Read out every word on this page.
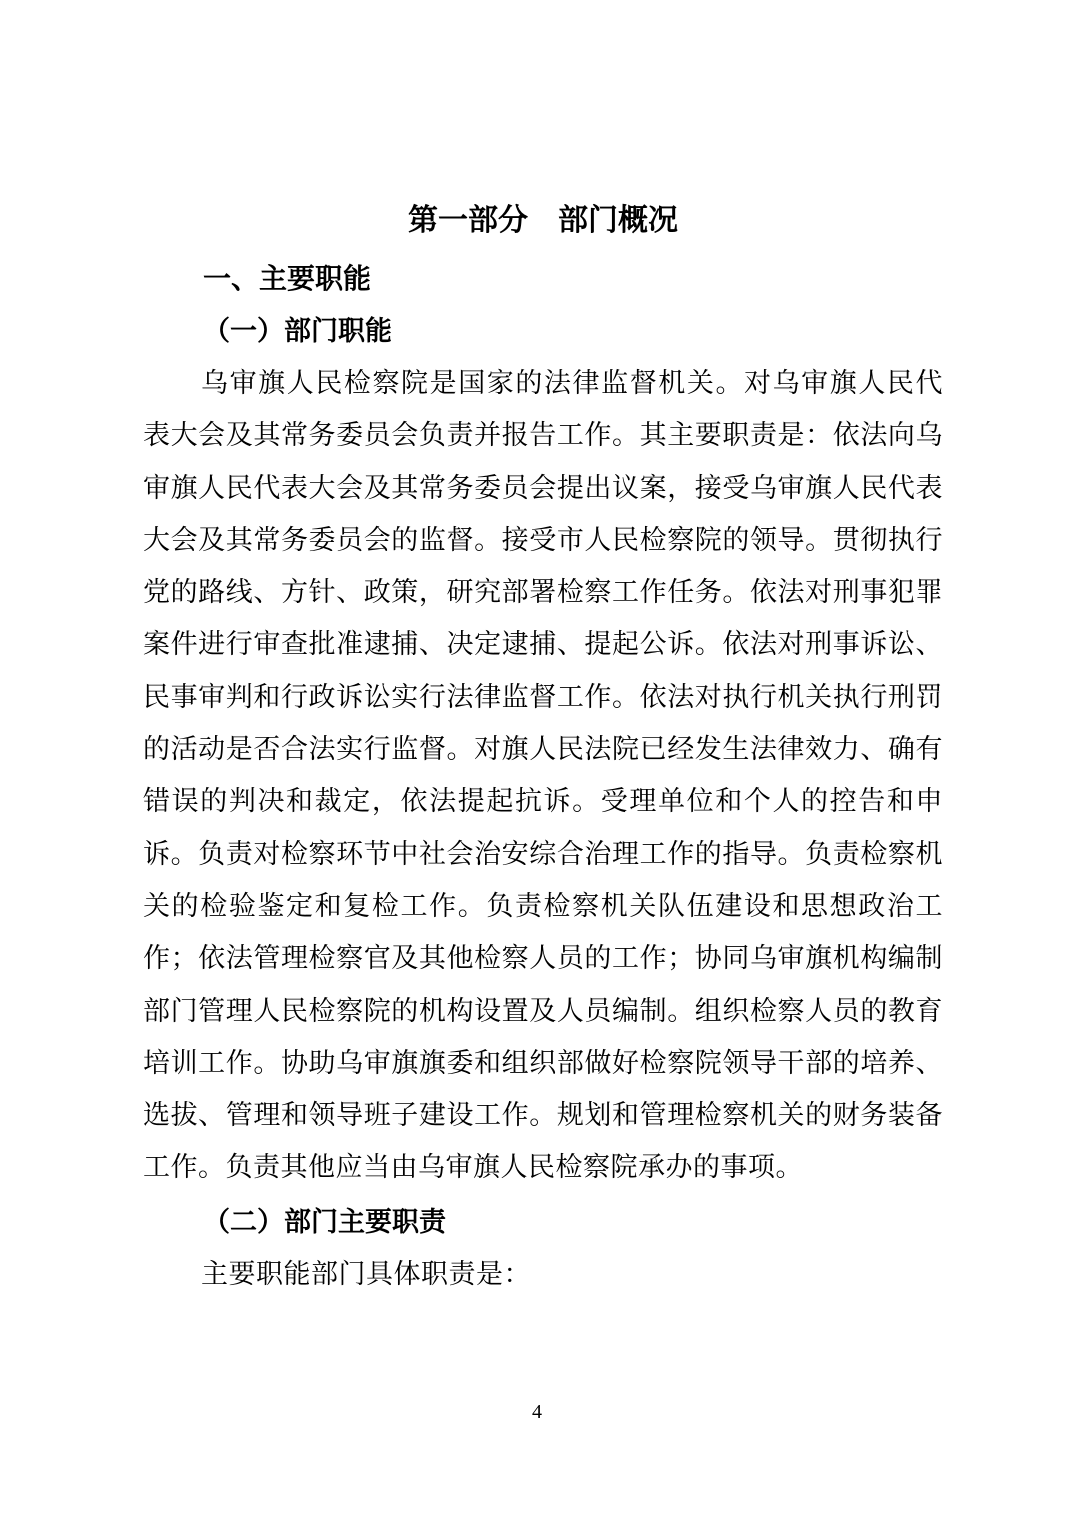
第一部分　部门概况
一、主要职能
（一）部门职能

乌审旗人民检察院是国家的法律监督机关。对乌审旗人民代表大会及其常务委员会负责并报告工作。其主要职责是：依法向乌审旗人民代表大会及其常务委员会提出议案，接受乌审旗人民代表大会及其常务委员会的监督。接受市人民检察院的领导。贯彻执行党的路线、方针、政策，研究部署检察工作任务。依法对刑事犯罪案件进行审查批准逮捕、决定逮捕、提起公诉。依法对刑事诉讼、民事审判和行政诉讼实行法律监督工作。依法对执行机关执行刑罚的活动是否合法实行监督。对旗人民法院已经发生法律效力、确有错误的判决和裁定，依法提起抗诉。受理单位和个人的控告和申诉。负责对检察环节中社会治安综合治理工作的指导。负责检察机关的检验鉴定和复检工作。负责检察机关队伍建设和思想政治工作；依法管理检察官及其他检察人员的工作；协同乌审旗机构编制部门管理人民检察院的机构设置及人员编制。组织检察人员的教育培训工作。协助乌审旗旗委和组织部做好检察院领导干部的培养、选拔、管理和领导班子建设工作。规划和管理检察机关的财务装备工作。负责其他应当由乌审旗人民检察院承办的事项。

（二）部门主要职责

主要职能部门具体职责是：

4
